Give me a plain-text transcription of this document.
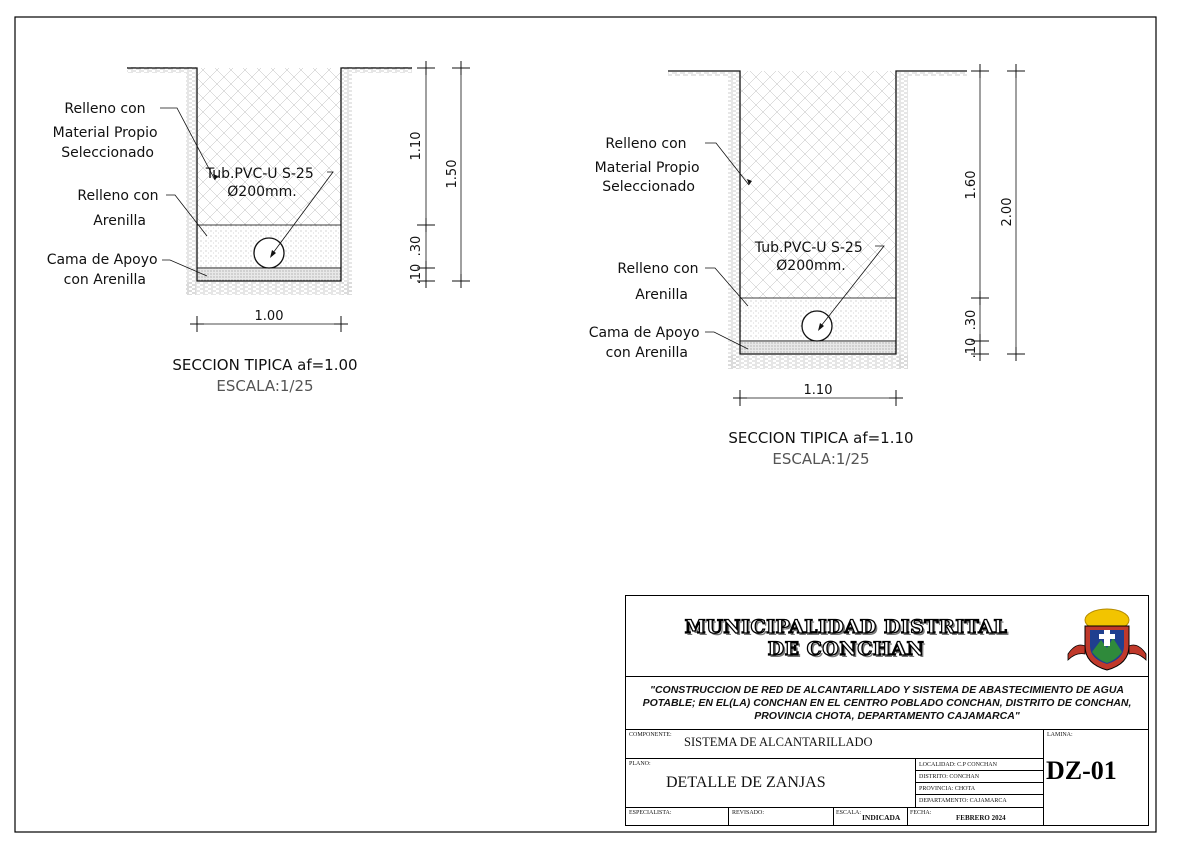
Relleno con Material Propio Seleccionado
Relleno con Arenilla
Cama de Apoyo con Arenilla
Tub.PVC-U S-25 Ø200mm.
1.10
.30
.10
1.50
1.00
SECCION TIPICA af=1.00
ESCALA:1/25
Relleno con Material Propio Seleccionado
Relleno con Arenilla
Cama de Apoyo con Arenilla
Tub.PVC-U S-25 Ø200mm.
1.60
.30
.10
2.00
1.10
SECCION TIPICA af=1.10
ESCALA:1/25
MUNICIPALIDAD DISTRITAL
DE CONCHAN
"CONSTRUCCION DE RED DE ALCANTARILLADO Y SISTEMA DE ABASTECIMIENTO DE AGUA
POTABLE; EN EL(LA) CONCHAN EN EL CENTRO POBLADO CONCHAN, DISTRITO DE CONCHAN,
PROVINCIA CHOTA, DEPARTAMENTO CAJAMARCA"
COMPONENTE: SISTEMA DE ALCANTARILLADO
PLANO:
DETALLE DE ZANJAS
LOCALIDAD: C.P CONCHAN
DISTRITO: CONCHAN
PROVINCIA: CHOTA
DEPARTAMENTO: CAJAMARCA
LAMINA:
DZ-01
ESPECIALISTA:	REVISADO:	ESCALA: INDICADA FECHA:
FEBRERO 2024
